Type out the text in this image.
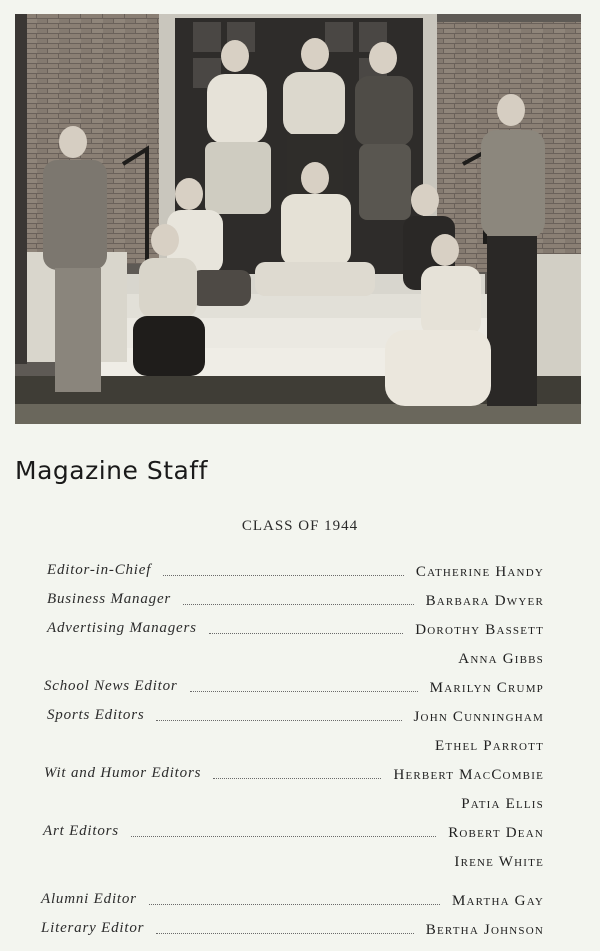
Magazine Staff
CLASS OF 1944
Catherine Handy
Editor-in-Chief
Barbara Dwyer
Business Manager
Dorothy Bassett
Advertising Managers
Anna Gibbs
Marilyn Crump
School News Editor
John Cunningham
Sports Editors
Ethel Parrott
Herbert MacCombie
Wit and Humor Editors
Patia Ellis
Robert Dean
Art Editors
Irene White
Martha Gay
Alumni Editor
Bertha Johnson
Literary Editor
